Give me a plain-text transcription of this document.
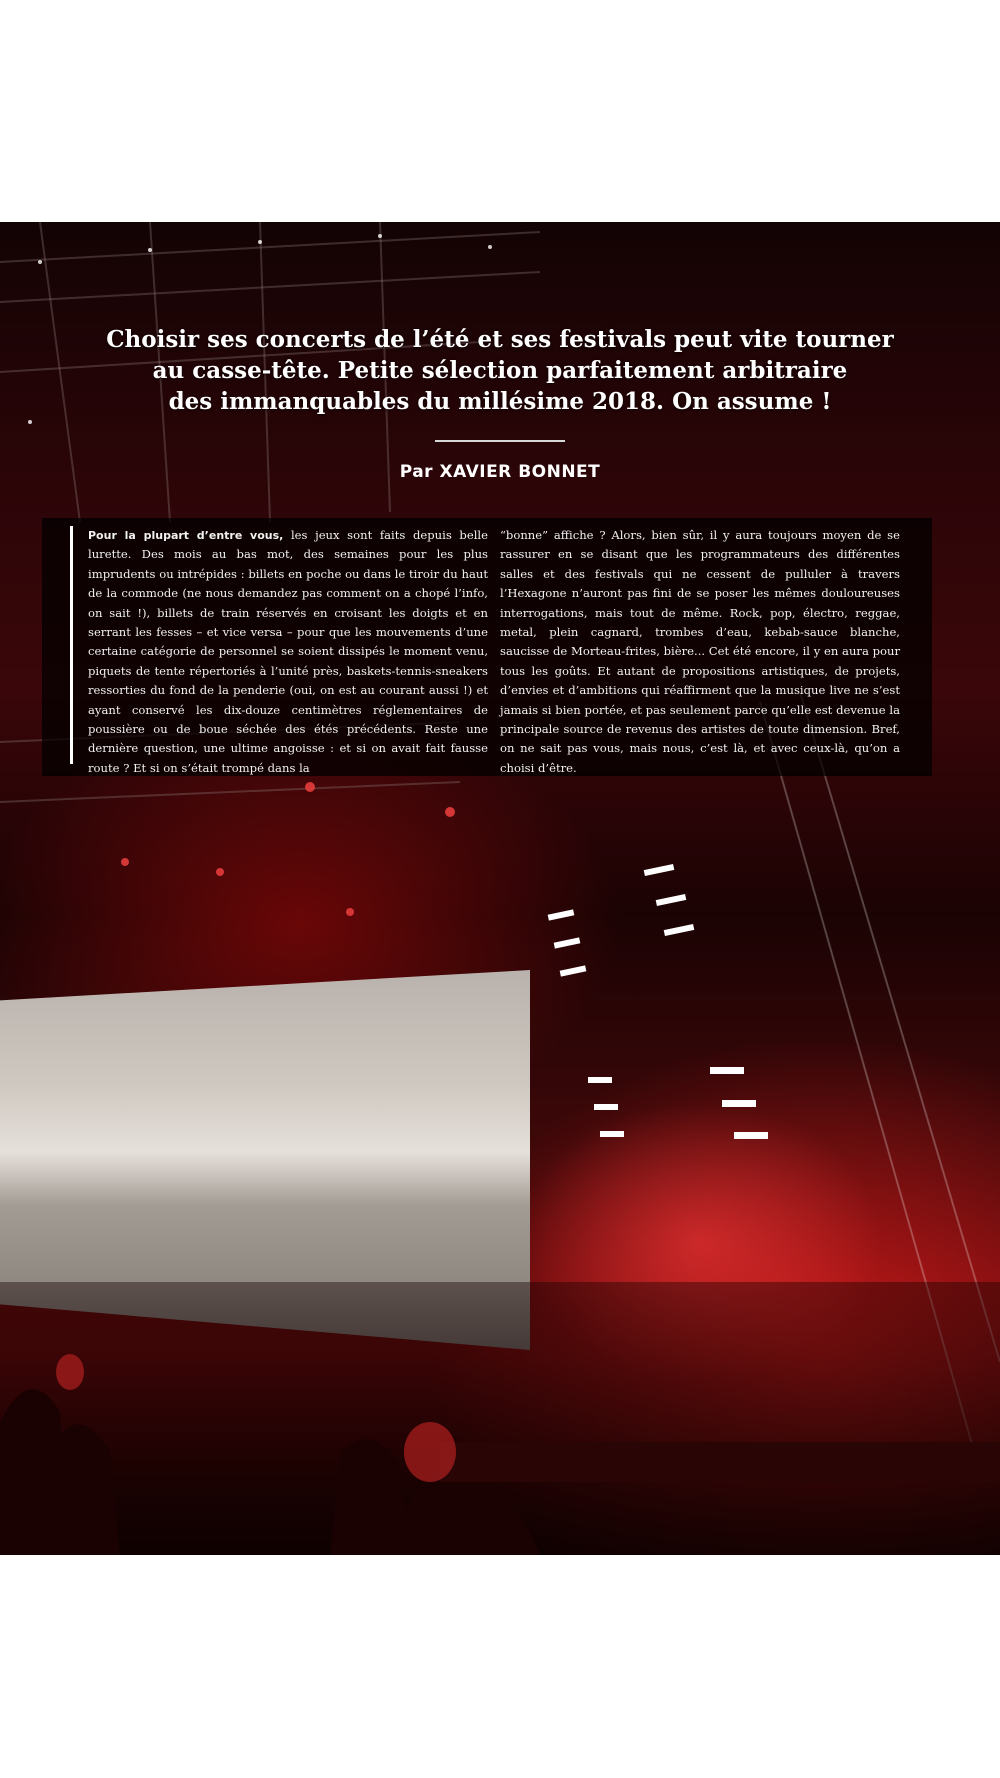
Choisir ses concerts de l’été et ses festivals peut vite tourner
au casse-tête. Petite sélection parfaitement arbitraire
des immanquables du millésime 2018. On assume !
Par XAVIER BONNET

Pour la plupart d’entre vous, les jeux sont faits depuis belle lurette. Des mois au bas mot, des semaines pour les plus imprudents ou intrépides : billets en poche ou dans le tiroir du haut de la commode (ne nous demandez pas comment on a chopé l’info, on sait !), billets de train réservés en croisant les doigts et en serrant les fesses – et vice versa – pour que les mouvements d’une certaine catégorie de personnel se soient dissipés le moment venu, piquets de tente répertoriés à l’unité près, baskets-tennis-sneakers ressorties du fond de la penderie (oui, on est au courant aussi !) et ayant conservé les dix-douze centimètres réglementaires de poussière ou de boue séchée des étés précédents. Reste une dernière question, une ultime angoisse : et si on avait fait fausse route ? Et si on s’était trompé dans la

“bonne” affiche ? Alors, bien sûr, il y aura toujours moyen de se rassurer en se disant que les programmateurs des différentes salles et des festivals qui ne cessent de pulluler à travers l’Hexagone n’auront pas fini de se poser les mêmes douloureuses interrogations, mais tout de même. Rock, pop, électro, reggae, metal, plein cagnard, trombes d’eau, kebab-sauce blanche, saucisse de Morteau-frites, bière... Cet été encore, il y en aura pour tous les goûts. Et autant de propositions artistiques, de projets, d’envies et d’ambitions qui réaffirment que la musique live ne s’est jamais si bien portée, et pas seulement parce qu’elle est devenue la principale source de revenus des artistes de toute dimension. Bref, on ne sait pas vous, mais nous, c’est là, et avec ceux-là, qu’on a choisi d’être.
